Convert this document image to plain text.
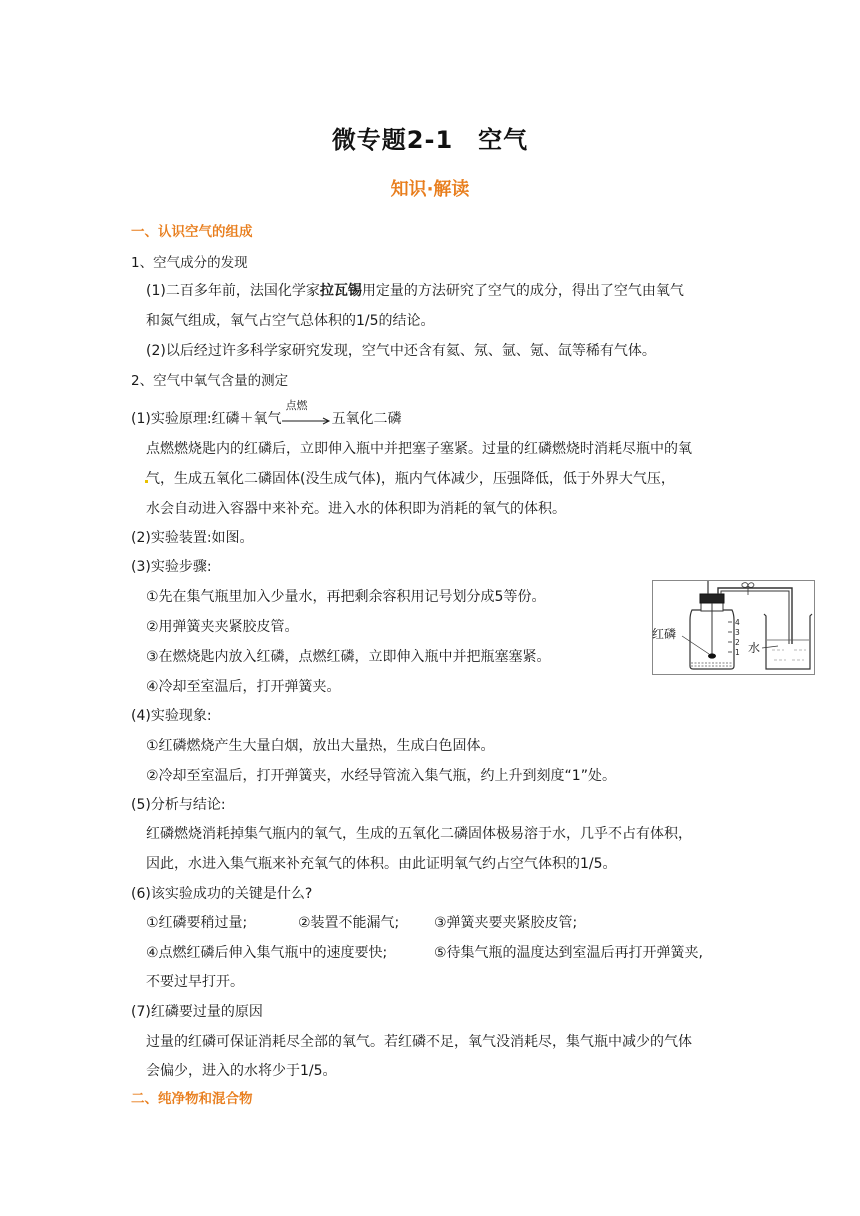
微专题2-1　空气
知识·解读
一、认识空气的组成
1、空气成分的发现
(1)二百多年前，法国化学家拉瓦锡用定量的方法研究了空气的成分，得出了空气由氧气
和氮气组成，氧气占空气总体积的1/5的结论。
(2)以后经过许多科学家研究发现，空气中还含有氦、氖、氩、氪、氙等稀有气体。
2、空气中氧气含量的测定
(1)实验原理:红磷＋氧气
点燃
五氧化二磷
点燃燃烧匙内的红磷后，立即伸入瓶中并把塞子塞紧。过量的红磷燃烧时消耗尽瓶中的氧
气，生成五氧化二磷固体(没生成气体)，瓶内气体减少，压强降低，低于外界大气压，
水会自动进入容器中来补充。进入水的体积即为消耗的氧气的体积。
(2)实验装置:如图。
(3)实验步骤:
①先在集气瓶里加入少量水，再把剩余容积用记号划分成5等份。
②用弹簧夹夹紧胶皮管。
③在燃烧匙内放入红磷，点燃红磷，立即伸入瓶中并把瓶塞塞紧。
④冷却至室温后，打开弹簧夹。
(4)实验现象:
①红磷燃烧产生大量白烟，放出大量热，生成白色固体。
②冷却至室温后，打开弹簧夹，水经导管流入集气瓶，约上升到刻度“1”处。
(5)分析与结论:
红磷燃烧消耗掉集气瓶内的氧气，生成的五氧化二磷固体极易溶于水，几乎不占有体积，
因此，水进入集气瓶来补充氧气的体积。由此证明氧气约占空气体积的1/5。
(6)该实验成功的关键是什么?
①红磷要稍过量;	②装置不能漏气; ③弹簧夹要夹紧胶皮管;
④点燃红磷后伸入集气瓶中的速度要快;	⑤待集气瓶的温度达到室温后再打开弹簧夹,
不要过早打开。
(7)红磷要过量的原因
过量的红磷可保证消耗尽全部的氧气。若红磷不足，氧气没消耗尽，集气瓶中减少的气体
会偏少，进入的水将少于1/5。
二、纯净物和混合物
4
3
2
1
红磷
水
